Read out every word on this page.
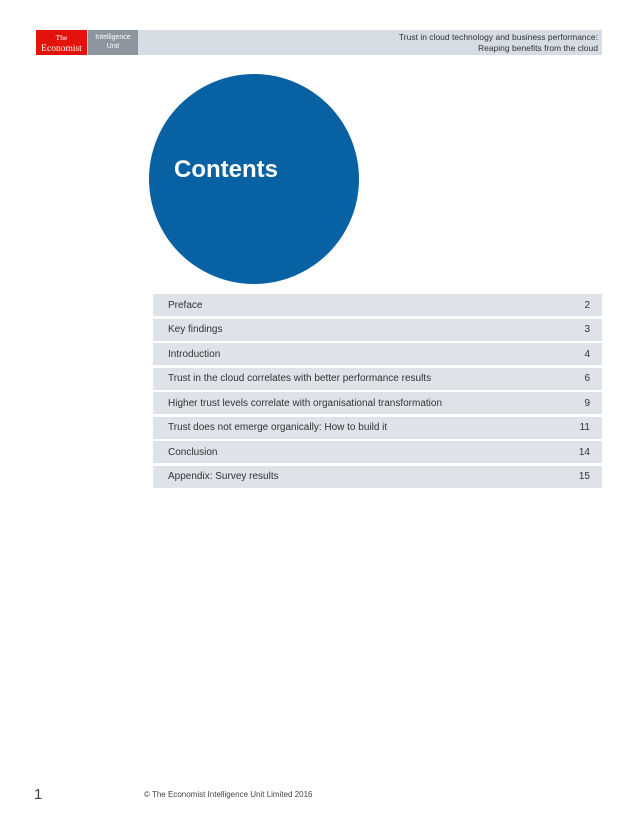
The
Economist
Intelligence
Unit
Trust in cloud technology and business performance:
Reaping benefits from the cloud
Contents
Preface	2
Key findings	3
Introduction	4
Trust in the cloud correlates with better performance results	6
Higher trust levels correlate with organisational transformation	9
Trust does not emerge organically: How to build it	11
Conclusion	14
Appendix: Survey results	15
1	© The Economist Intelligence Unit Limited 2016
